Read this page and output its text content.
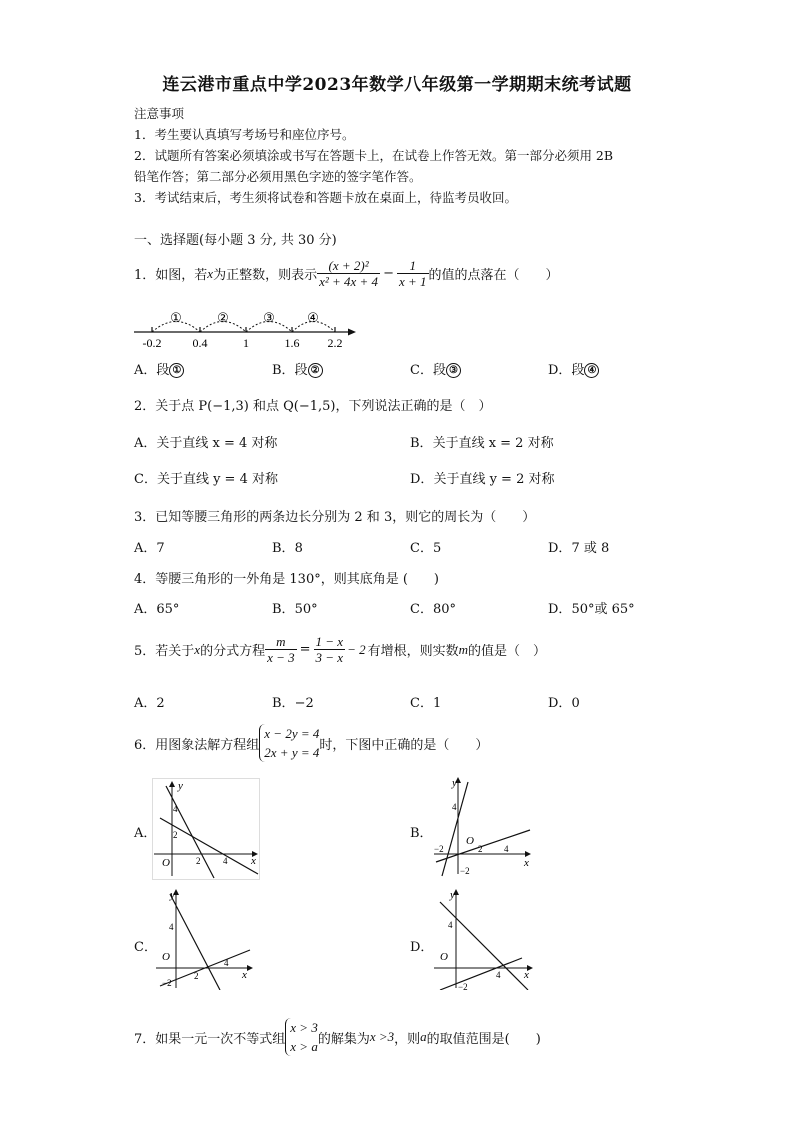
连云港市重点中学2023年数学八年级第一学期期末统考试题
注意事项
1．考生要认真填写考场号和座位序号。
2．试题所有答案必须填涂或书写在答题卡上，在试卷上作答无效。第一部分必须用 2B
铅笔作答；第二部分必须用黑色字迹的签字笔作答。
3．考试结束后，考生须将试卷和答题卡放在桌面上，待监考员收回。
一、选择题(每小题 3 分, 共 30 分)
1．如图，若 x 为正整数，则表示 $\frac{\text{(x + 2)²}}{\text{x² + 4x + 4}} - \frac{1}{x + 1}$ 的值的点落在（　　）
①	②	③ ④
-0.2	0.4	1	1.6 2.2
A．段 ①	B．段 ②	C．段 ③	D．段 ④
2．关于点 P(−1,3) 和点 Q(−1,5)，下列说法正确的是（　）
A．关于直线 x = 4 对称	B．关于直线 x = 2 对称
C．关于直线 y = 4 对称	D．关于直线 y = 2 对称
3．已知等腰三角形的两条边长分别为 2 和 3，则它的周长为（　　）
A．7	B．8	C．5	D．7 或 8
4．等腰三角形的一外角是 130°，则其底角是 (　　)
A．65°	B．50°	C．80°	D．50°或 65°
5．若关于 x 的分式方程 $\frac{m}{x - 3} = \frac{1 - x}{3 - x} - 2$ 有增根，则实数 m 的值是（　）
A．2	B．−2	C．1	D．0
6．用图象法解方程组
x − 2y = 4
2x + y = 4 时，下图中正确的是（　　）
A．	B．
C．	D．
y
x
O
4
2
2	4
y
x
O
4
−2
−2
2 4
y
x
O
4
−2
2
4
y
x
O
4
−2
4
7．如果一元一次不等式组
x > 3
x > a 的解集为 x >3 ，则 a 的取值范围是(　　)
